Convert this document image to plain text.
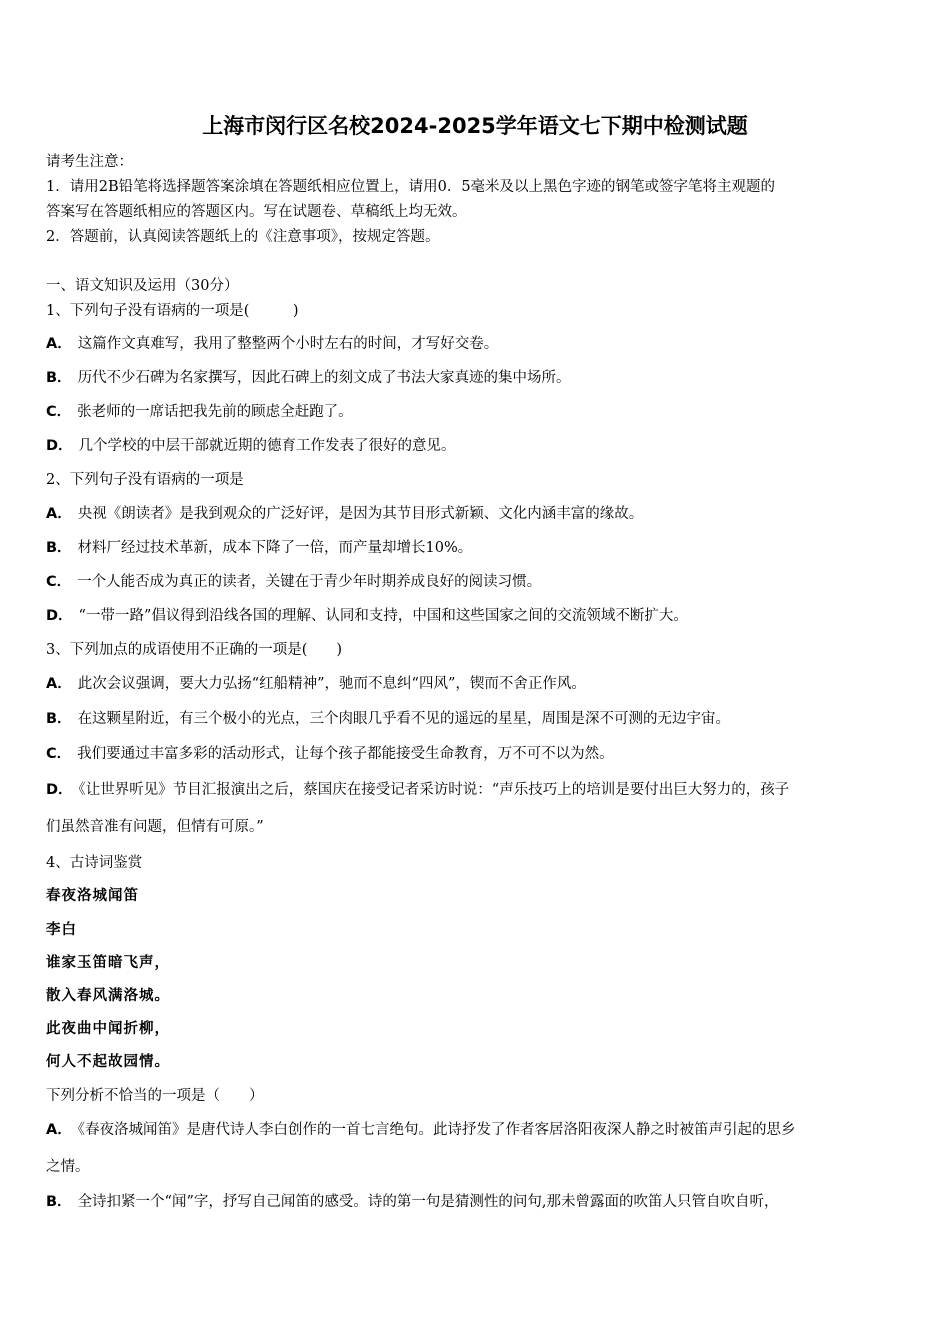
上海市闵行区名校2024-2025学年语文七下期中检测试题
请考生注意：
1．请用2B铅笔将选择题答案涂填在答题纸相应位置上，请用0．5毫米及以上黑色字迹的钢笔或签字笔将主观题的
答案写在答题纸相应的答题区内。写在试题卷、草稿纸上均无效。
2．答题前，认真阅读答题纸上的《注意事项》，按规定答题。
一、语文知识及运用（30分）
1、下列句子没有语病的一项是(　　　)
A． 这篇作文真难写，我用了整整两个小时左右的时间，才写好交卷。
B． 历代不少石碑为名家撰写，因此石碑上的刻文成了书法大家真迹的集中场所。
C． 张老师的一席话把我先前的顾虑全赶跑了。
D． 几个学校的中层干部就近期的德育工作发表了很好的意见。
2、下列句子没有语病的一项是
A． 央视《朗读者》是我到观众的广泛好评，是因为其节目形式新颖、文化内涵丰富的缘故。
B． 材料厂经过技术革新，成本下降了一倍，而产量却增长10%。
C． 一个人能否成为真正的读者，关键在于青少年时期养成良好的阅读习惯。
D． “一带一路”倡议得到沿线各国的理解、认同和支持，中国和这些国家之间的交流领域不断扩大。
3、下列加点的成语使用不正确的一项是(　　)
A． 此次会议强调，要大力弘扬“红船精神”，驰而不息纠“四风”，锲而不舍正作风。
B． 在这颗星附近，有三个极小的光点，三个肉眼几乎看不见的遥远的星星，周围是深不可测的无边宇宙。
C． 我们要通过丰富多彩的活动形式，让每个孩子都能接受生命教育，万不可不以为然。
D． 《让世界听见》节目汇报演出之后，蔡国庆在接受记者采访时说：“声乐技巧上的培训是要付出巨大努力的，孩子
们虽然音准有问题，但情有可原。”
4、古诗词鉴赏
春夜洛城闻笛
李白
谁家玉笛暗飞声，
散入春风满洛城。
此夜曲中闻折柳，
何人不起故园情。
下列分析不恰当的一项是（　　）
A． 《春夜洛城闻笛》是唐代诗人李白创作的一首七言绝句。此诗抒发了作者客居洛阳夜深人静之时被笛声引起的思乡
之情。
B． 全诗扣紧一个“闻”字，抒写自己闻笛的感受。诗的第一句是猜测性的问句,那未曾露面的吹笛人只管自吹自听，
